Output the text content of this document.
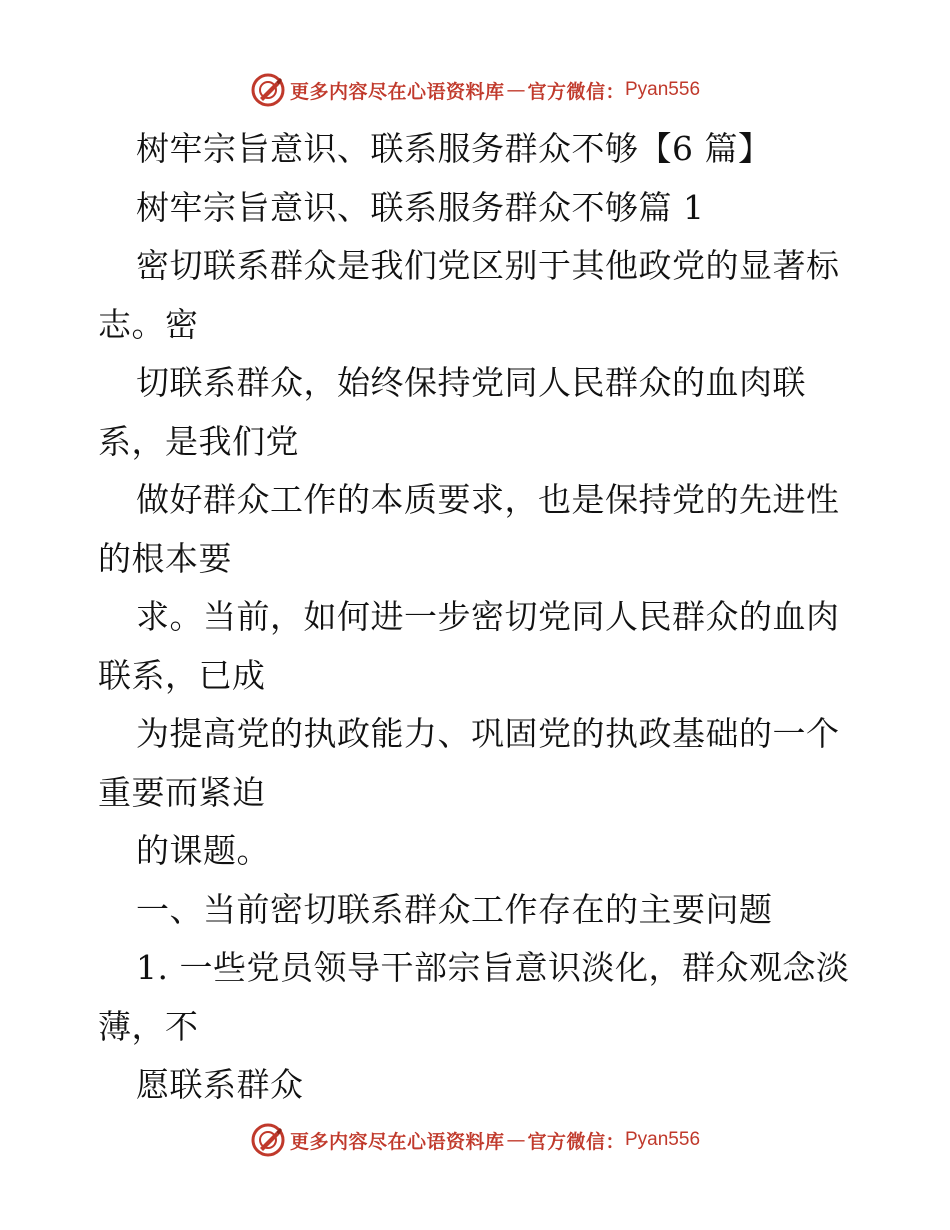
更多内容尽在心语资料库 — 官方微信： Pyan556
树牢宗旨意识、联系服务群众不够【6 篇】
树牢宗旨意识、联系服务群众不够篇 1
密切联系群众是我们党区别于其他政党的显著标
志。密
切联系群众，始终保持党同人民群众的血肉联
系，是我们党
做好群众工作的本质要求，也是保持党的先进性
的根本要
求。当前，如何进一步密切党同人民群众的血肉
联系，已成
为提高党的执政能力、巩固党的执政基础的一个
重要而紧迫
的课题。
一、当前密切联系群众工作存在的主要问题
1. 一些党员领导干部宗旨意识淡化，群众观念淡
薄，不
愿联系群众
更多内容尽在心语资料库 — 官方微信： Pyan556
